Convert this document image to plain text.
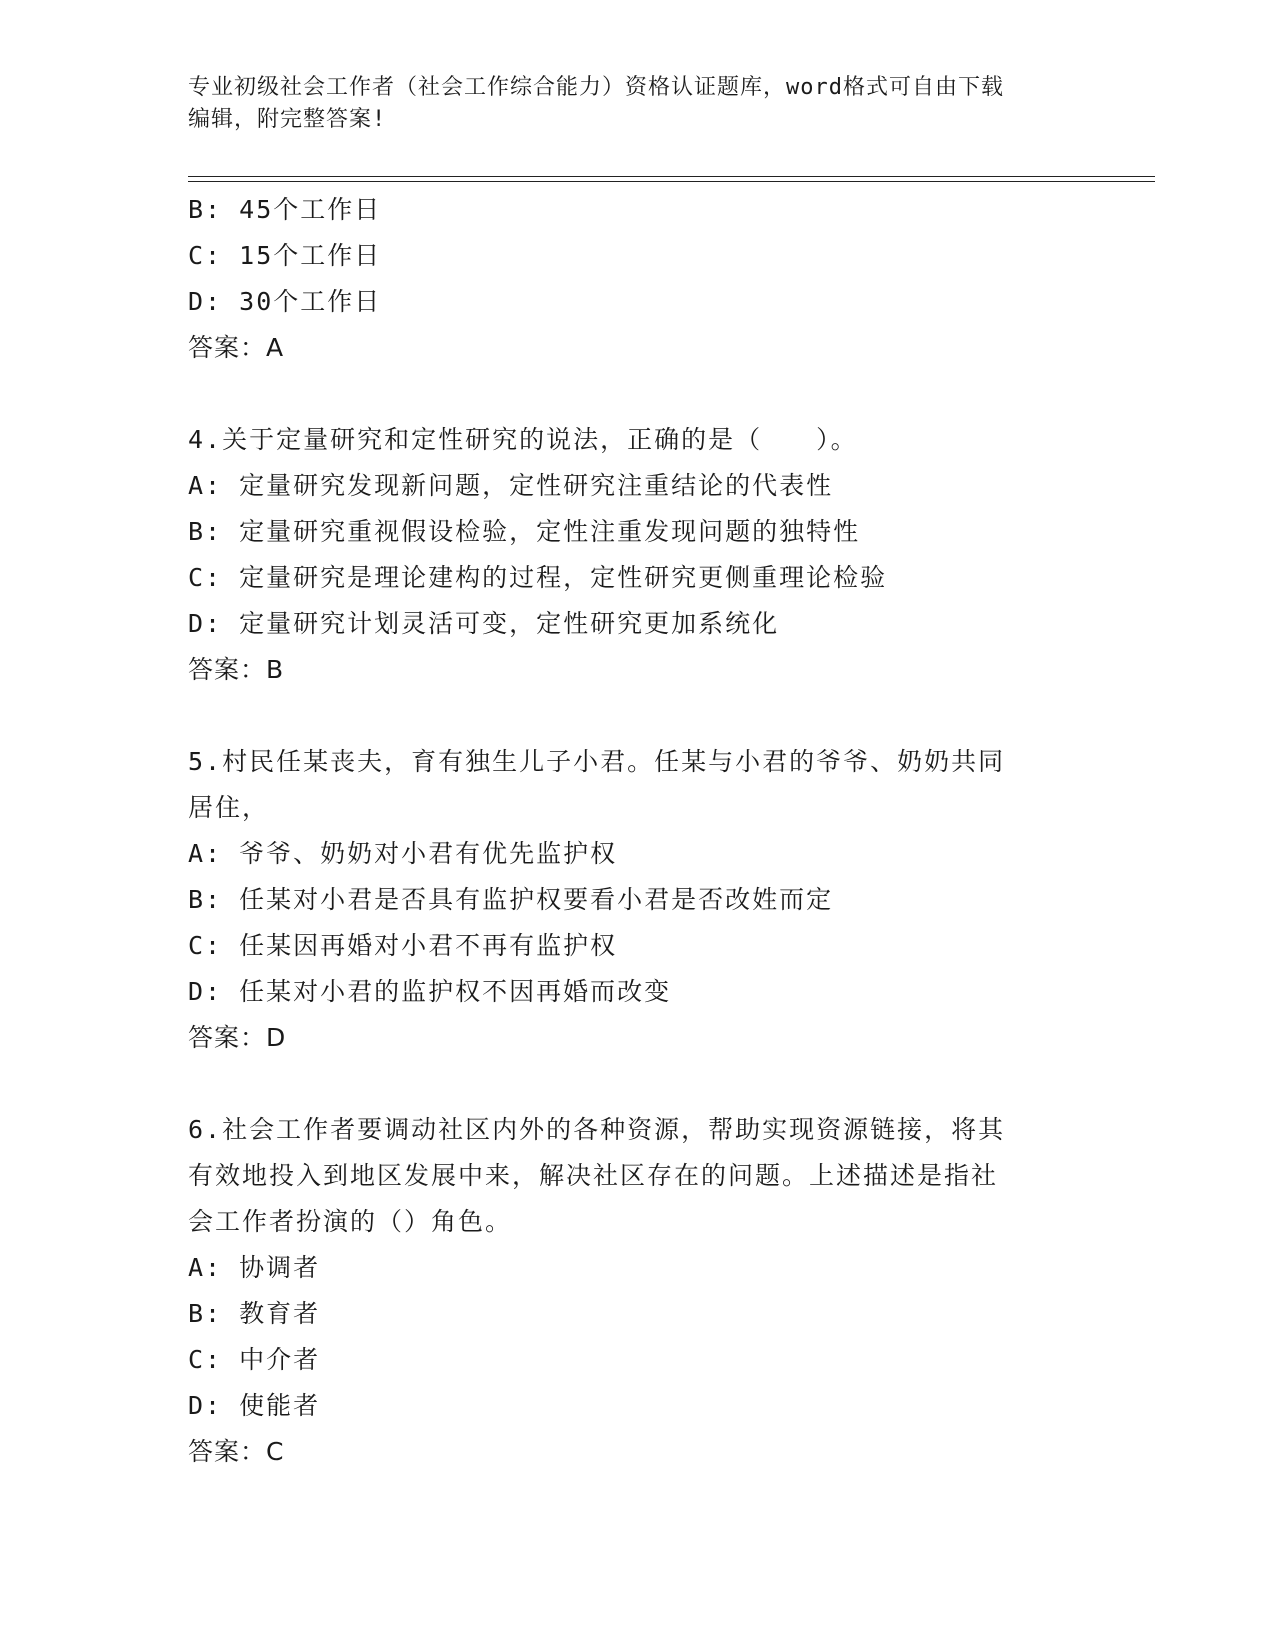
专业初级社会工作者（社会工作综合能力）资格认证题库，word格式可自由下载
编辑，附完整答案!
B: 45个工作日
C: 15个工作日
D: 30个工作日
答案：A
4.关于定量研究和定性研究的说法，正确的是（　　）。
A: 定量研究发现新问题，定性研究注重结论的代表性
B: 定量研究重视假设检验，定性注重发现问题的独特性
C: 定量研究是理论建构的过程，定性研究更侧重理论检验
D: 定量研究计划灵活可变，定性研究更加系统化
答案：B
5.村民任某丧夫，育有独生儿子小君。任某与小君的爷爷、奶奶共同
居住，
A: 爷爷、奶奶对小君有优先监护权
B: 任某对小君是否具有监护权要看小君是否改姓而定
C: 任某因再婚对小君不再有监护权
D: 任某对小君的监护权不因再婚而改变
答案：D
6.社会工作者要调动社区内外的各种资源，帮助实现资源链接，将其
有效地投入到地区发展中来，解决社区存在的问题。上述描述是指社
会工作者扮演的（）角色。
A: 协调者
B: 教育者
C: 中介者
D: 使能者
答案：C
